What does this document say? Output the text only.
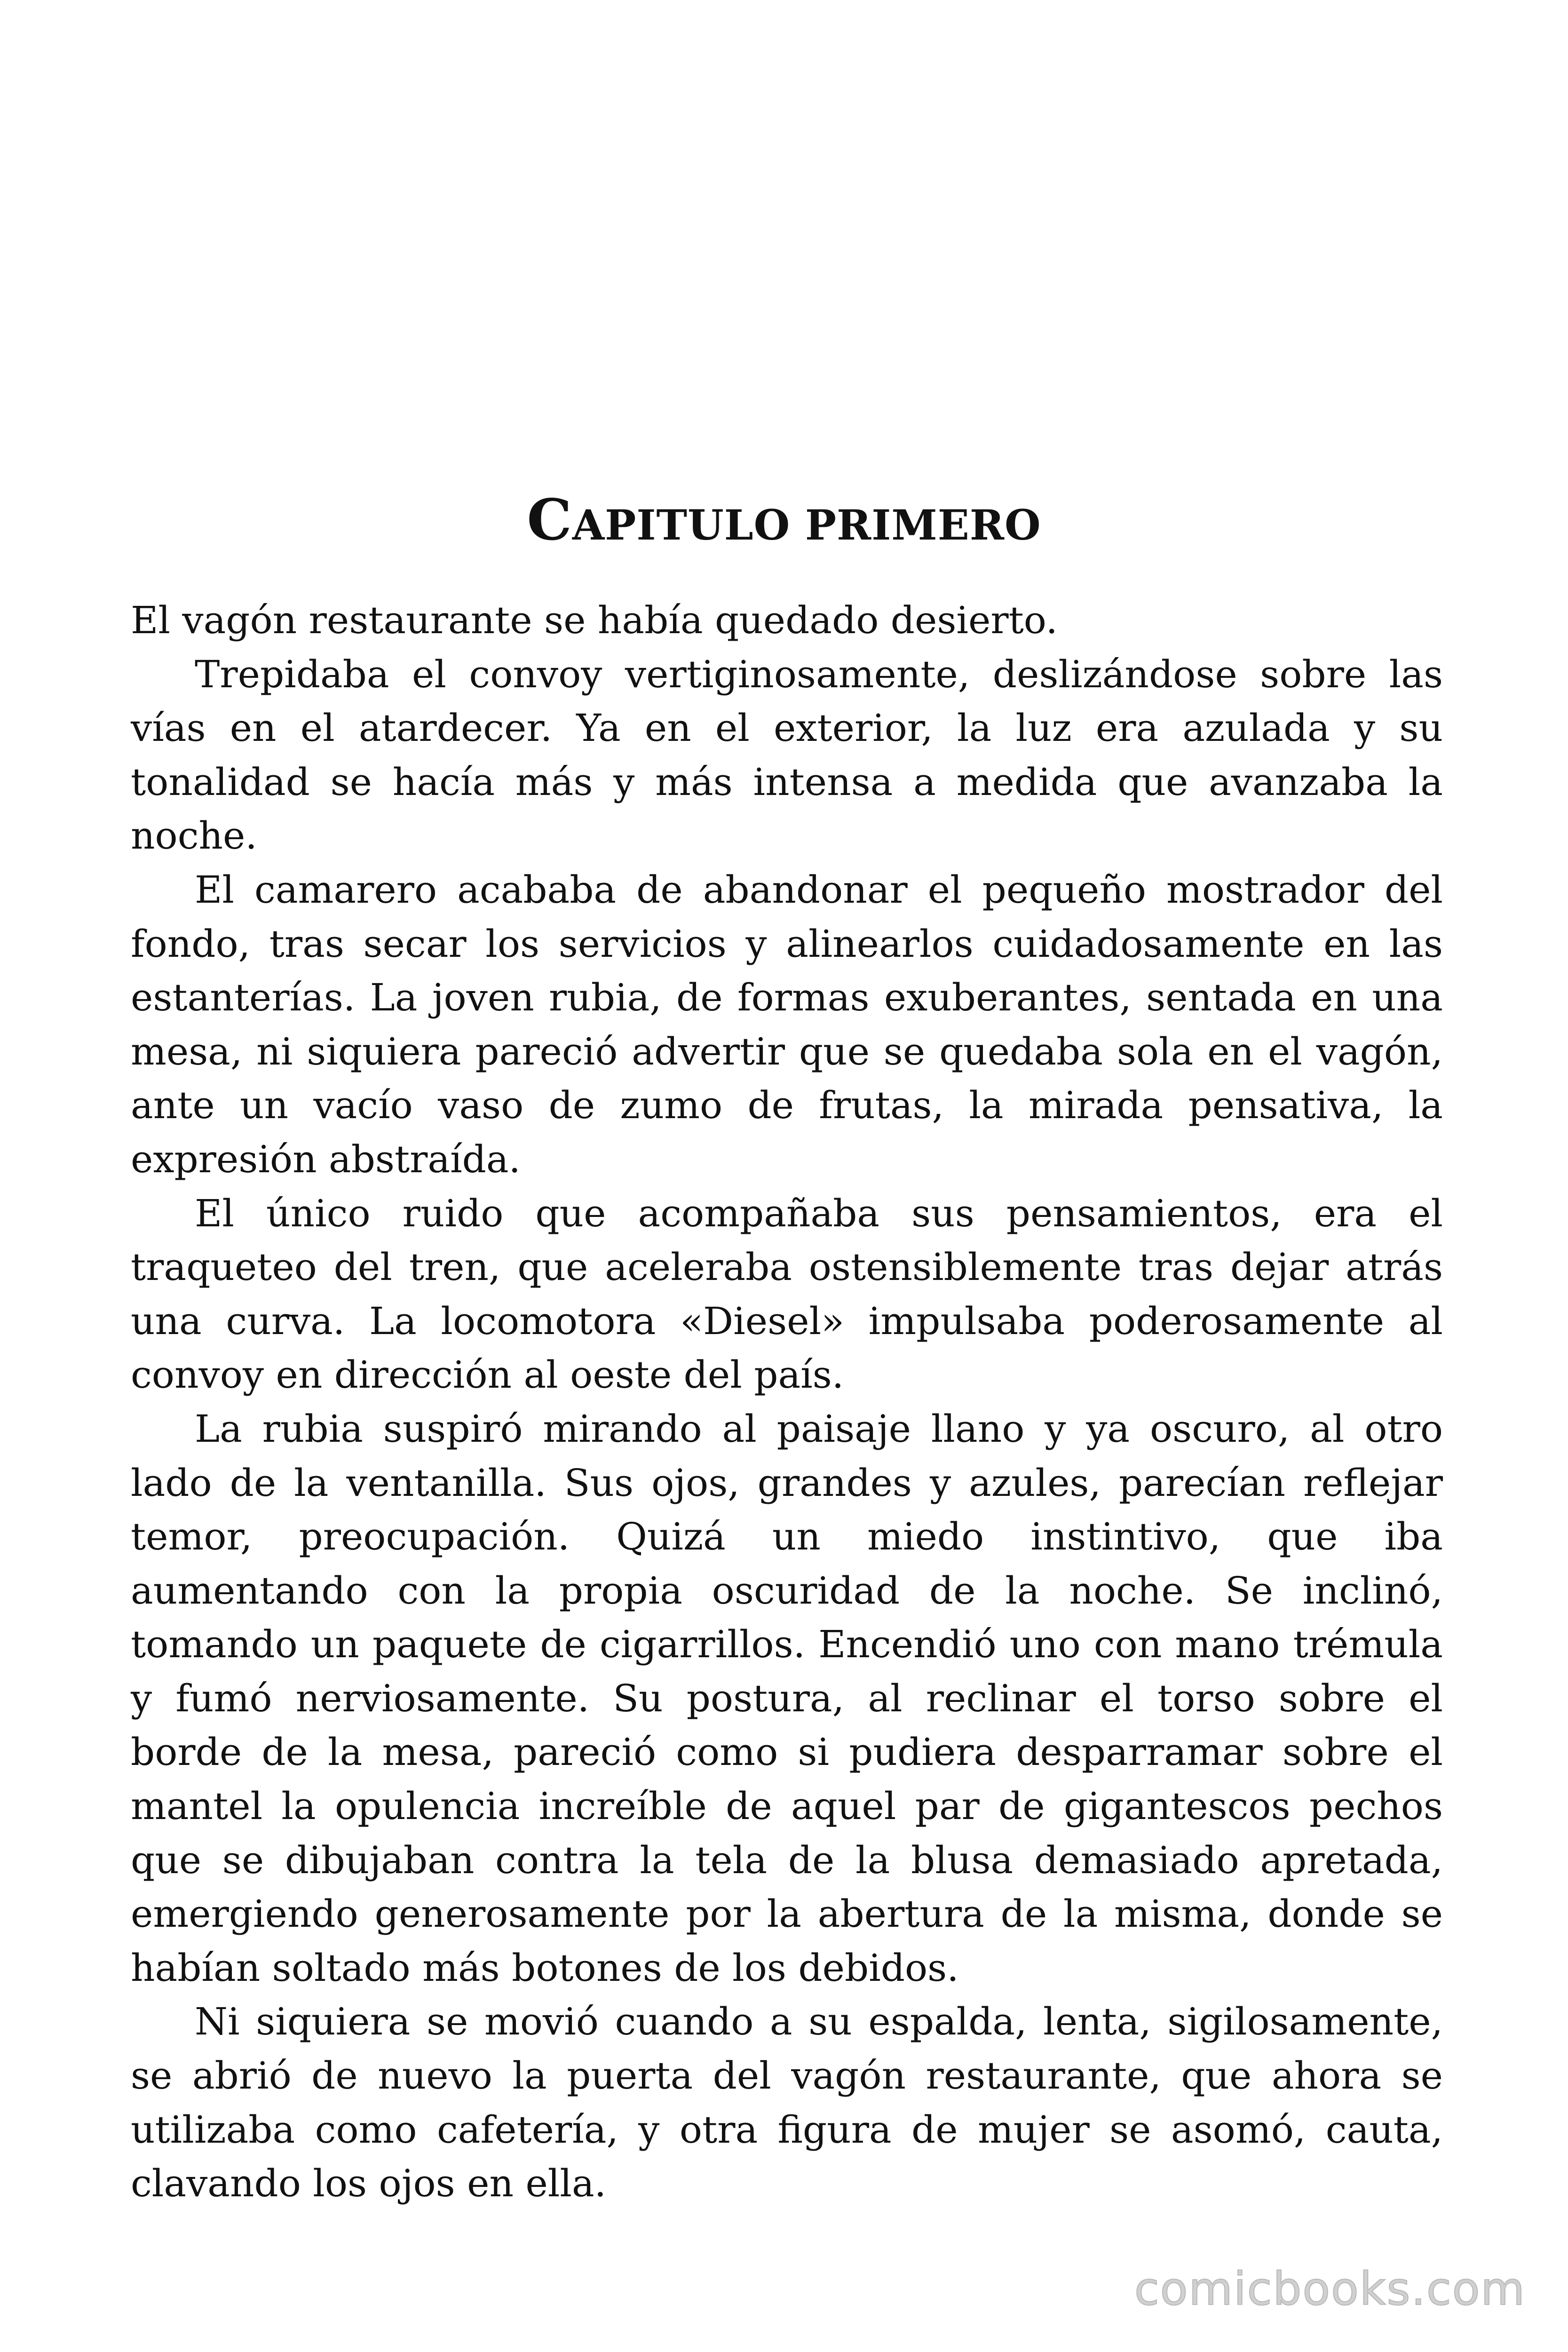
CAPITULO PRIMERO

El vagón restaurante se había quedado desierto.

Trepidaba el convoy vertiginosamente, deslizándose sobre las vías en el atardecer. Ya en el exterior, la luz era azulada y su tonalidad se hacía más y más intensa a medida que avanzaba la noche.

El camarero acababa de abandonar el pequeño mostrador del fondo, tras secar los servicios y alinearlos cuidadosamente en las estanterías. La joven rubia, de formas exuberantes, sentada en una mesa, ni siquiera pareció advertir que se quedaba sola en el vagón, ante un vacío vaso de zumo de frutas, la mirada pensativa, la expresión abstraída.

El único ruido que acompañaba sus pensamientos, era el traqueteo del tren, que aceleraba ostensiblemente tras dejar atrás una curva. La locomotora «Diesel» impulsaba poderosamente al convoy en dirección al oeste del país.

La rubia suspiró mirando al paisaje llano y ya oscuro, al otro lado de la ventanilla. Sus ojos, grandes y azules, parecían reflejar temor, preocupación. Quizá un miedo instintivo, que iba aumentando con la propia oscuridad de la noche. Se inclinó, tomando un paquete de cigarrillos. Encendió uno con mano trémula y fumó nerviosamente. Su postura, al reclinar el torso sobre el borde de la mesa, pareció como si pudiera desparramar sobre el mantel la opulencia increíble de aquel par de gigantescos pechos que se dibujaban contra la tela de la blusa demasiado apretada, emergiendo generosamente por la abertura de la misma, donde se habían soltado más botones de los debidos.

Ni siquiera se movió cuando a su espalda, lenta, sigilosamente, se abrió de nuevo la puerta del vagón restaurante, que ahora se utilizaba como cafetería, y otra figura de mujer se asomó, cauta, clavando los ojos en ella.

comicbooks.com
